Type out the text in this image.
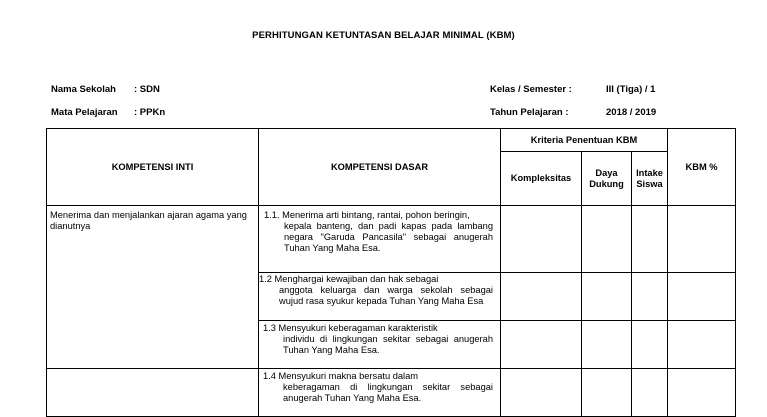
PERHITUNGAN KETUNTASAN BELAJAR MINIMAL (KBM)
Nama Sekolah : SDN
Mata Pelajaran : PPKn
Kelas / Semester :	III (Tiga) / 1
Tahun Pelajaran :	2018 / 2019
KOMPETENSI INTI	KOMPETENSI DASAR	Kriteria Penentuan KBM			KBM %
		Kompleksitas	Daya Dukung	Intake Siswa	
Menerima dan menjalankan ajaran agama yang dianutnya	1.1. Menerima arti bintang, rantai, pohon beringin,
kepala banteng, dan padi kapas pada lambang negara "Garuda Pancasila" sebagai anugerah Tuhan Yang Maha Esa.				

	1.2 Menghargai kewajiban dan hak sebagai
anggota keluarga dan warga sekolah sebagai wujud rasa syukur kepada Tuhan Yang Maha Esa				

	1.3 Mensyukuri keberagaman karakteristik
individu di lingkungan sekitar sebagai anugerah Tuhan Yang Maha Esa.				

	1.4 Mensyukuri makna bersatu dalam
keberagaman di lingkungan sekitar sebagai anugerah Tuhan Yang Maha Esa.				
